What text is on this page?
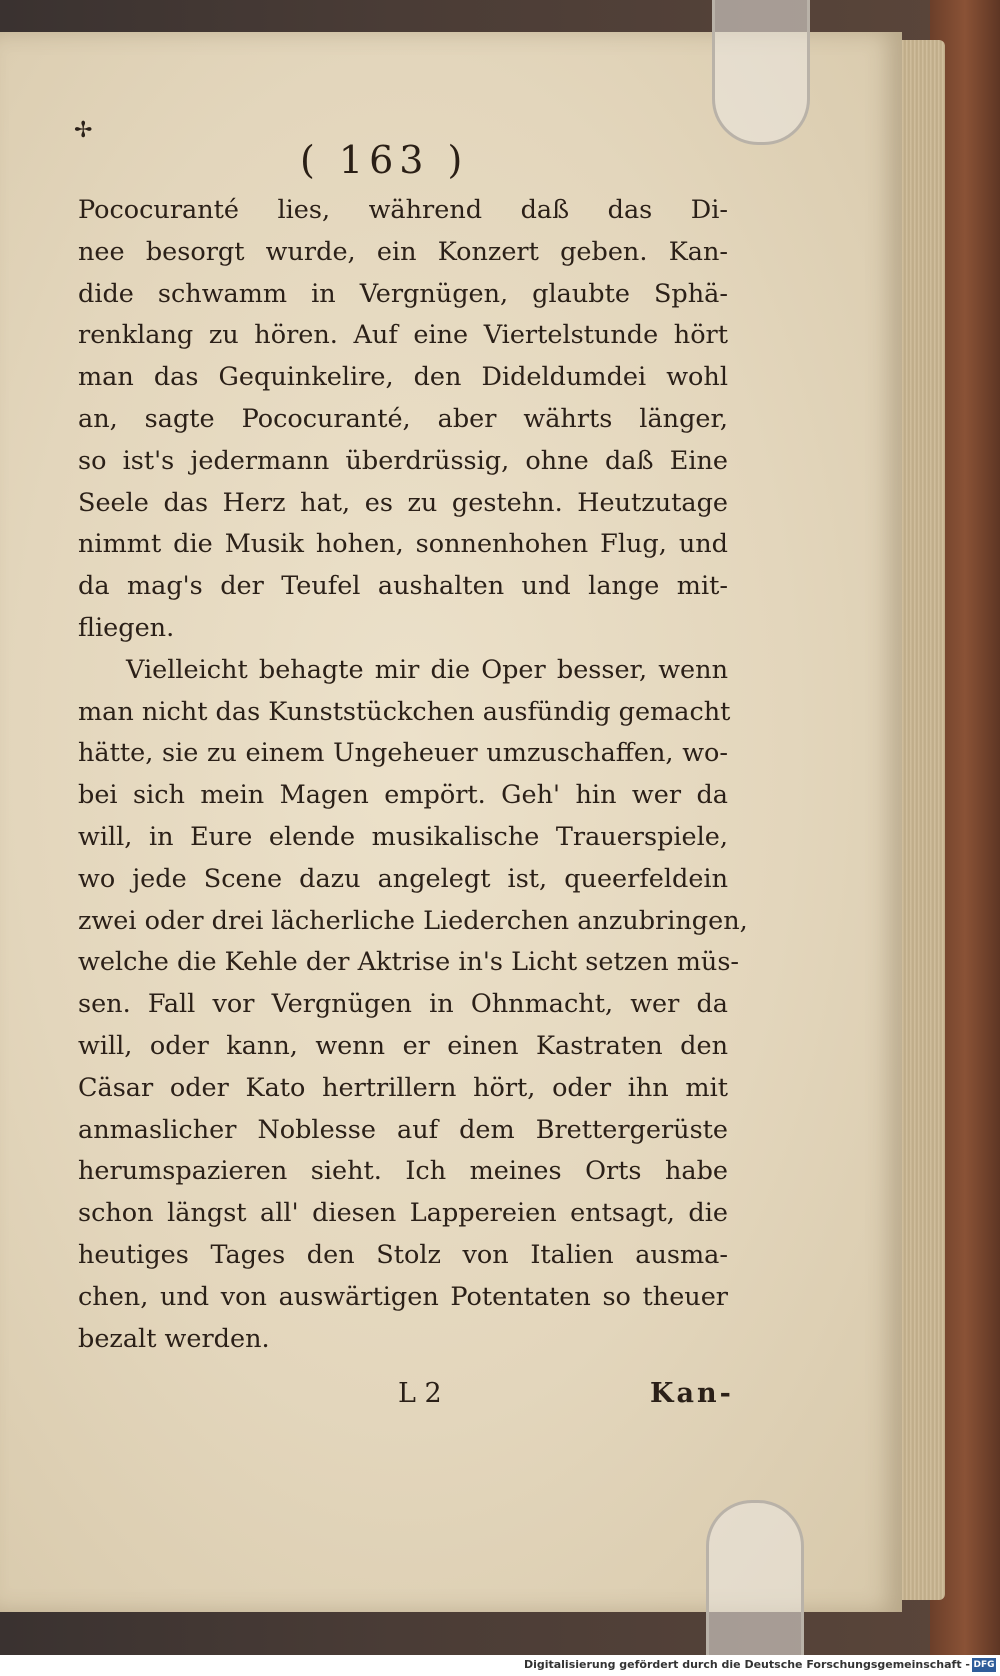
✢
( 163 )
Pococuranté lies, während daß das Di-
nee besorgt wurde, ein Konzert geben. Kan-
dide schwamm in Vergnügen, glaubte Sphä-
renklang zu hören. Auf eine Viertelstunde hört
man das Gequinkelire, den Dideldumdei wohl
an, sagte Pococuranté, aber währts länger,
so ist's jedermann überdrüssig, ohne daß Eine
Seele das Herz hat, es zu gestehn. Heutzutage
nimmt die Musik hohen, sonnenhohen Flug, und
da mag's der Teufel aushalten und lange mit-
fliegen.
Vielleicht behagte mir die Oper besser, wenn
man nicht das Kunststückchen ausfündig gemacht
hätte, sie zu einem Ungeheuer umzuschaffen, wo-
bei sich mein Magen empört. Geh' hin wer da
will, in Eure elende musikalische Trauerspiele,
wo jede Scene dazu angelegt ist, queerfeldein
zwei oder drei lächerliche Liederchen anzubringen,
welche die Kehle der Aktrise in's Licht setzen müs-
sen. Fall vor Vergnügen in Ohnmacht, wer da
will, oder kann, wenn er einen Kastraten den
Cäsar oder Kato hertrillern hört, oder ihn mit
anmaslicher Noblesse auf dem Brettergerüste
herumspazieren sieht. Ich meines Orts habe
schon längst all' diesen Lappereien entsagt, die
heutiges Tages den Stolz von Italien ausma-
chen, und von auswärtigen Potentaten so theuer
bezalt werden.
L 2	Kan-
Digitalisierung gefördert durch die Deutsche Forschungsgemeinschaft - DFG
